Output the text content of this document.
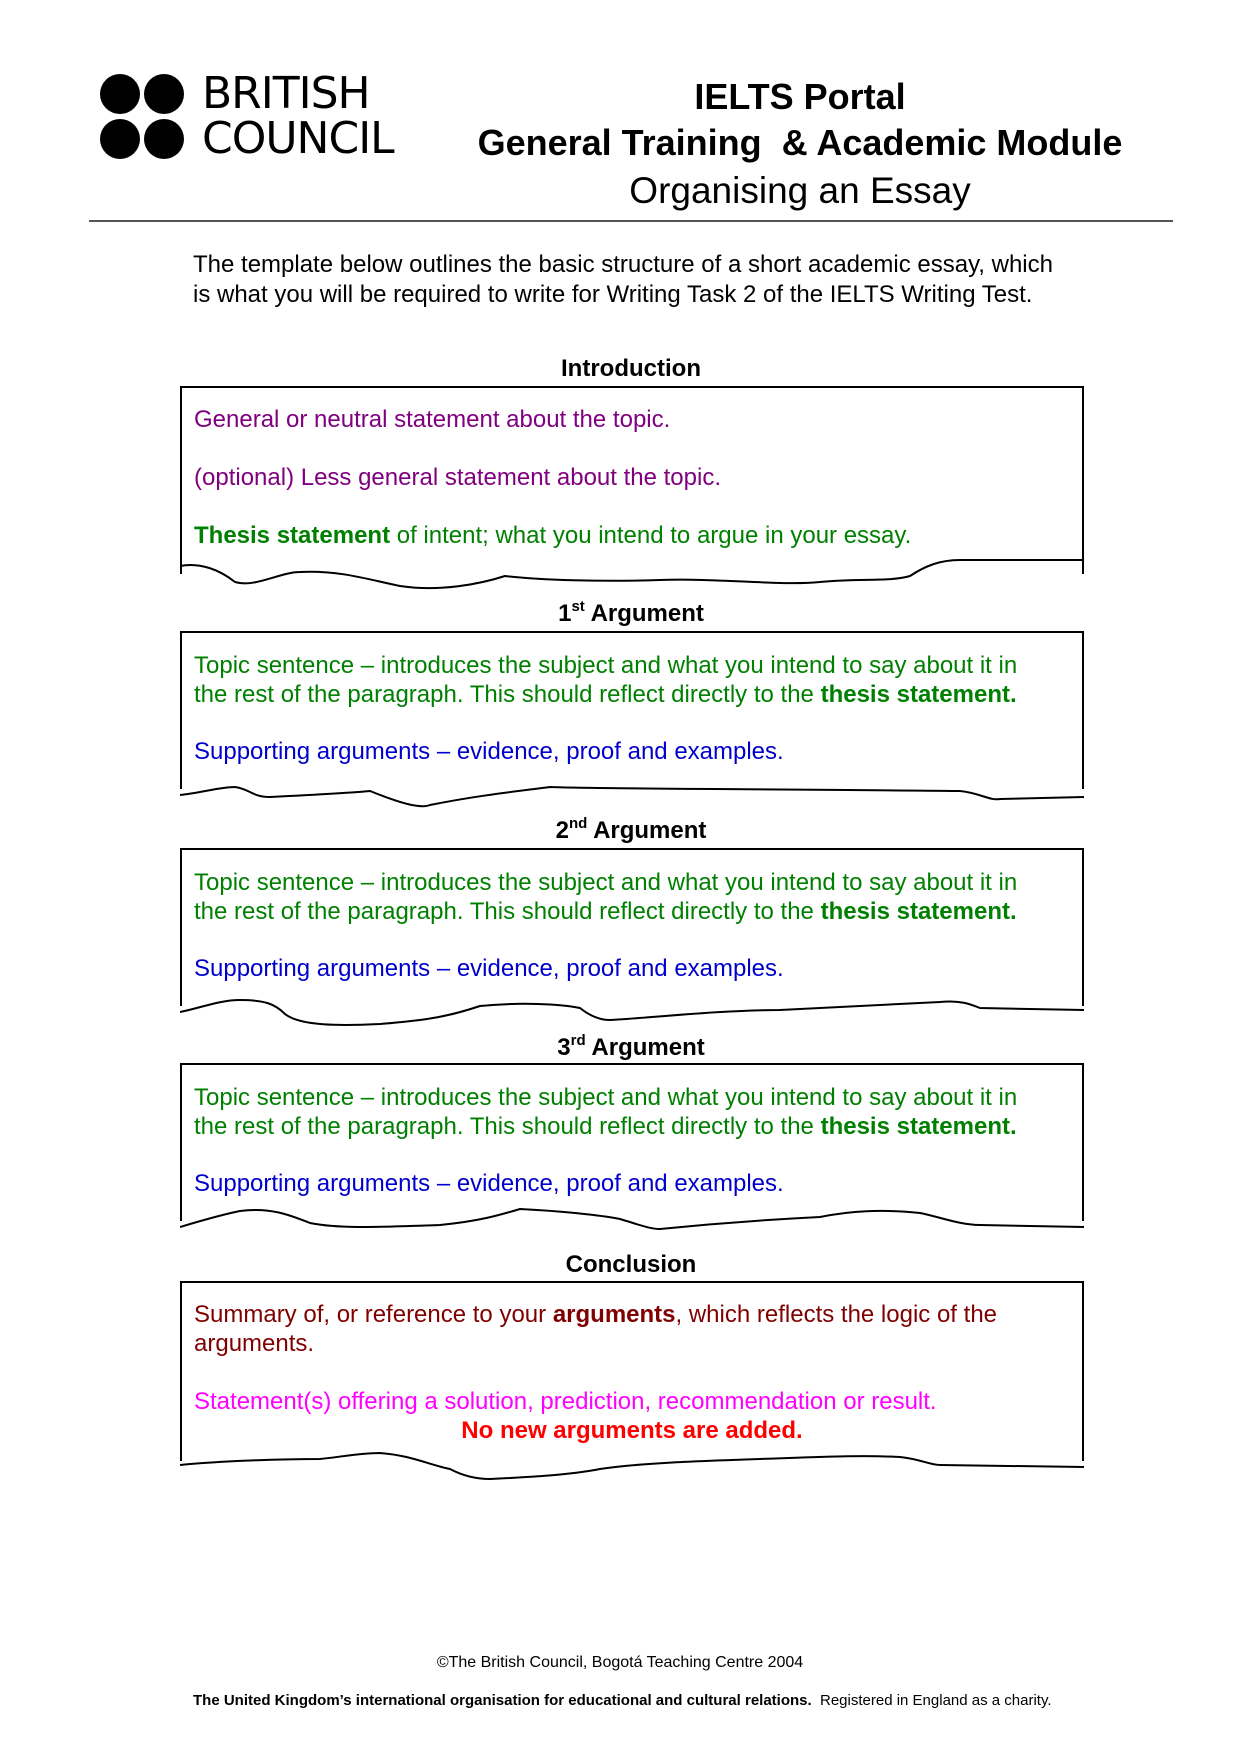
BRITISH
COUNCIL
IELTS Portal
General Training  & Academic Module
Organising an Essay
The template below outlines the basic structure of a short academic essay, which
is what you will be required to write for Writing Task 2 of the IELTS Writing Test.
Introduction
General or neutral statement about the topic.
(optional) Less general statement about the topic.
Thesis statement of intent; what you intend to argue in your essay.
1st Argument
Topic sentence – introduces the subject and what you intend to say about it in
the rest of the paragraph. This should reflect directly to the thesis statement.
Supporting arguments – evidence, proof and examples.
2nd Argument
Topic sentence – introduces the subject and what you intend to say about it in
the rest of the paragraph. This should reflect directly to the thesis statement.
Supporting arguments – evidence, proof and examples.
3rd Argument
Topic sentence – introduces the subject and what you intend to say about it in
the rest of the paragraph. This should reflect directly to the thesis statement.
Supporting arguments – evidence, proof and examples.
Conclusion
Summary of, or reference to your arguments, which reflects the logic of the
arguments.
Statement(s) offering a solution, prediction, recommendation or result.
No new arguments are added.
©The British Council, Bogotá Teaching Centre 2004
The United Kingdom’s international organisation for educational and cultural relations.  Registered in England as a charity.
